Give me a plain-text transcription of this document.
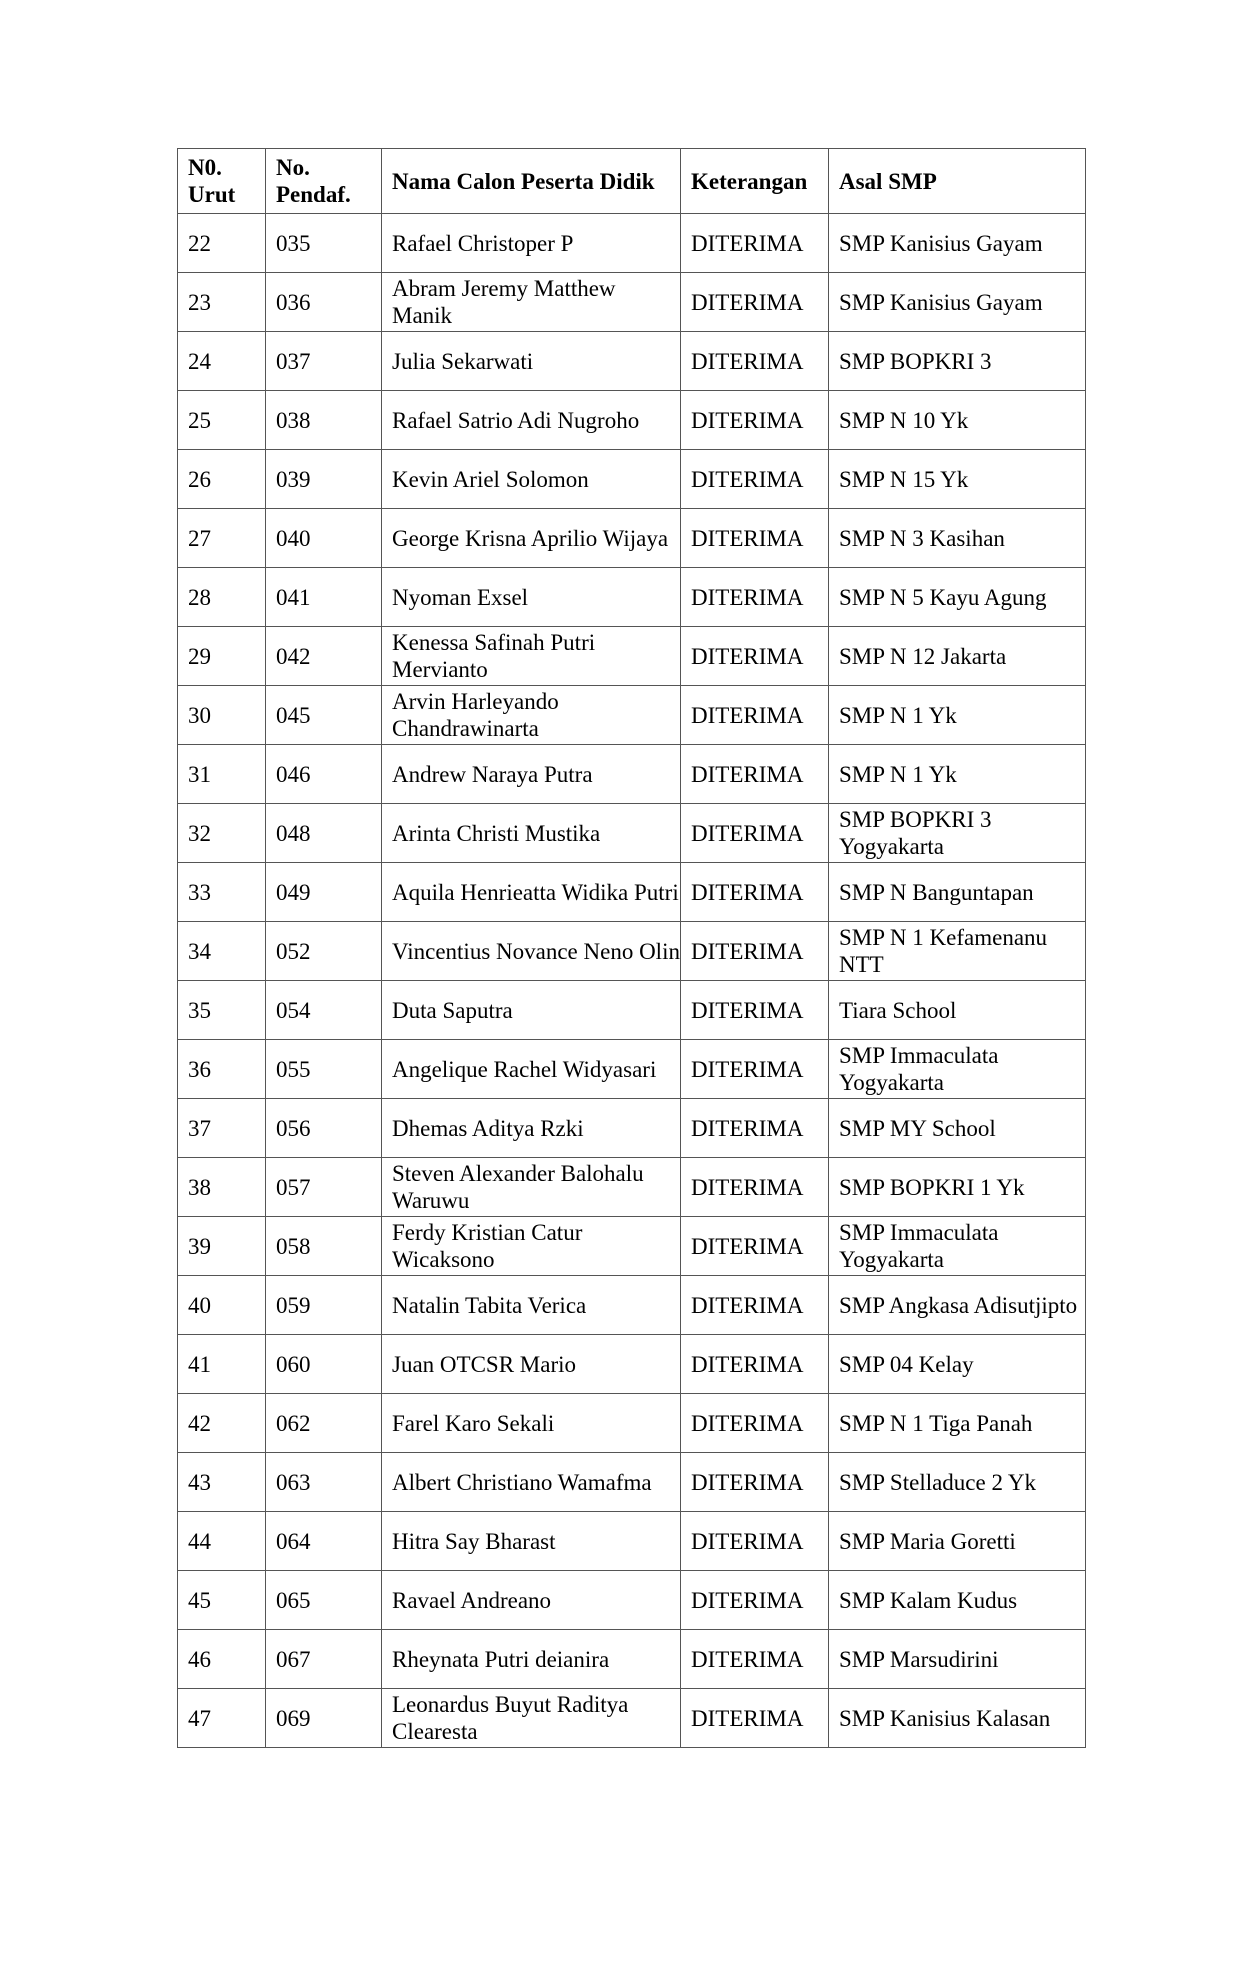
N0. Urut	No. Pendaf.	Nama Calon Peserta Didik	Keterangan	Asal SMP
22	035	Rafael Christoper P	DITERIMA	SMP Kanisius Gayam
23	036	Abram Jeremy Matthew Manik	DITERIMA	SMP Kanisius Gayam
24	037	Julia Sekarwati	DITERIMA	SMP BOPKRI 3
25	038	Rafael Satrio Adi Nugroho	DITERIMA	SMP N 10 Yk
26	039	Kevin Ariel Solomon	DITERIMA	SMP N 15 Yk
27	040	George Krisna Aprilio Wijaya	DITERIMA	SMP N 3 Kasihan
28	041	Nyoman Exsel	DITERIMA	SMP N 5 Kayu Agung
29	042	Kenessa Safinah Putri Mervianto	DITERIMA	SMP N 12 Jakarta
30	045	Arvin Harleyando Chandrawinarta	DITERIMA	SMP N 1 Yk
31	046	Andrew Naraya Putra	DITERIMA	SMP N 1 Yk
32	048	Arinta Christi Mustika	DITERIMA	SMP BOPKRI 3 Yogyakarta
33	049	Aquila Henrieatta Widika Putri	DITERIMA	SMP N Banguntapan
34	052	Vincentius Novance Neno Olin	DITERIMA	SMP N 1 Kefamenanu NTT
35	054	Duta Saputra	DITERIMA	Tiara School
36	055	Angelique Rachel Widyasari	DITERIMA	SMP Immaculata Yogyakarta
37	056	Dhemas Aditya Rzki	DITERIMA	SMP MY School
38	057	Steven Alexander Balohalu Waruwu	DITERIMA	SMP BOPKRI 1 Yk
39	058	Ferdy Kristian Catur Wicaksono	DITERIMA	SMP Immaculata Yogyakarta
40	059	Natalin Tabita Verica	DITERIMA	SMP Angkasa Adisutjipto
41	060	Juan OTCSR Mario	DITERIMA	SMP 04 Kelay
42	062	Farel Karo Sekali	DITERIMA	SMP N 1 Tiga Panah
43	063	Albert Christiano Wamafma	DITERIMA	SMP Stelladuce 2 Yk
44	064	Hitra Say Bharast	DITERIMA	SMP Maria Goretti
45	065	Ravael Andreano	DITERIMA	SMP Kalam Kudus
46	067	Rheynata Putri deianira	DITERIMA	SMP Marsudirini
47	069	Leonardus Buyut Raditya Clearesta	DITERIMA	SMP Kanisius Kalasan
